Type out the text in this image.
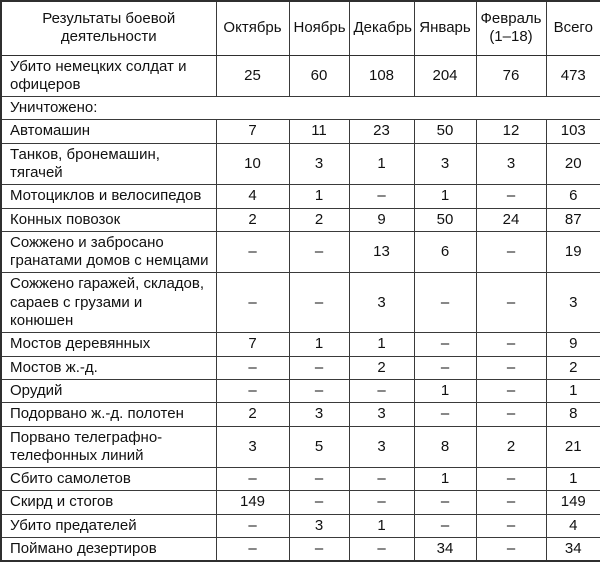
Результаты боевой деятельности	Октябрь	Ноябрь	Декабрь	Январь	Февраль (1–18)	Всего
Убито немецких солдат и офицеров	25	60	108	204	76	473
Уничтожено:						
Автомашин	7	11	23	50	12	103
Танков, бронемашин, тягачей	10	3	1	3	3	20
Мотоциклов и велосипедов	4	1	–	1	–	6
Конных повозок	2	2	9	50	24	87
Сожжено и забросано гранатами домов с немцами	–	–	13	6	–	19
Сожжено гаражей, складов, сараев с грузами и конюшен	–	–	3	–	–	3
Мостов деревянных	7	1	1	–	–	9
Мостов ж.-д.	–	–	2	–	–	2
Орудий	–	–	–	1	–	1
Подорвано ж.-д. полотен	2	3	3	–	–	8
Порвано телеграфно-телефонных линий	3	5	3	8	2	21
Сбито самолетов	–	–	–	1	–	1
Скирд и стогов	149	–	–	–	–	149
Убито предателей	–	3	1	–	–	4
Поймано дезертиров	–	–	–	34	–	34
